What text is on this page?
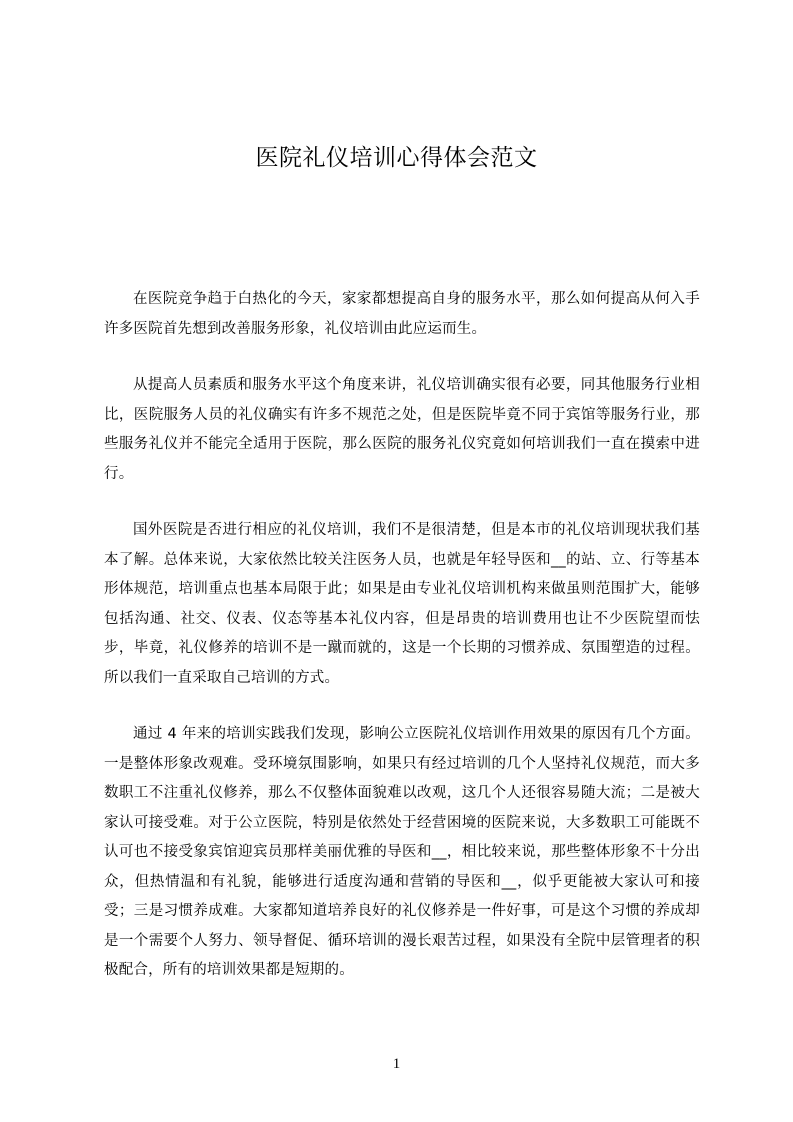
医院礼仪培训心得体会范文

在医院竞争趋于白热化的今天，家家都想提高自身的服务水平，那么如何提高从何入手许多医院首先想到改善服务形象，礼仪培训由此应运而生。

从提高人员素质和服务水平这个角度来讲，礼仪培训确实很有必要，同其他服务行业相比，医院服务人员的礼仪确实有许多不规范之处，但是医院毕竟不同于宾馆等服务行业，那些服务礼仪并不能完全适用于医院，那么医院的服务礼仪究竟如何培训我们一直在摸索中进行。

国外医院是否进行相应的礼仪培训，我们不是很清楚，但是本市的礼仪培训现状我们基本了解。总体来说，大家依然比较关注医务人员，也就是年轻导医和__的站、立、行等基本形体规范，培训重点也基本局限于此；如果是由专业礼仪培训机构来做虽则范围扩大，能够包括沟通、社交、仪表、仪态等基本礼仪内容，但是昂贵的培训费用也让不少医院望而怯步，毕竟，礼仪修养的培训不是一蹴而就的，这是一个长期的习惯养成、氛围塑造的过程。所以我们一直采取自己培训的方式。

通过 4 年来的培训实践我们发现，影响公立医院礼仪培训作用效果的原因有几个方面。一是整体形象改观难。受环境氛围影响，如果只有经过培训的几个人坚持礼仪规范，而大多数职工不注重礼仪修养，那么不仅整体面貌难以改观，这几个人还很容易随大流；二是被大家认可接受难。对于公立医院，特别是依然处于经营困境的医院来说，大多数职工可能既不认可也不接受象宾馆迎宾员那样美丽优雅的导医和__，相比较来说，那些整体形象不十分出众，但热情温和有礼貌，能够进行适度沟通和营销的导医和__，似乎更能被大家认可和接受；三是习惯养成难。大家都知道培养良好的礼仪修养是一件好事，可是这个习惯的养成却是一个需要个人努力、领导督促、循环培训的漫长艰苦过程，如果没有全院中层管理者的积极配合，所有的培训效果都是短期的。

1
